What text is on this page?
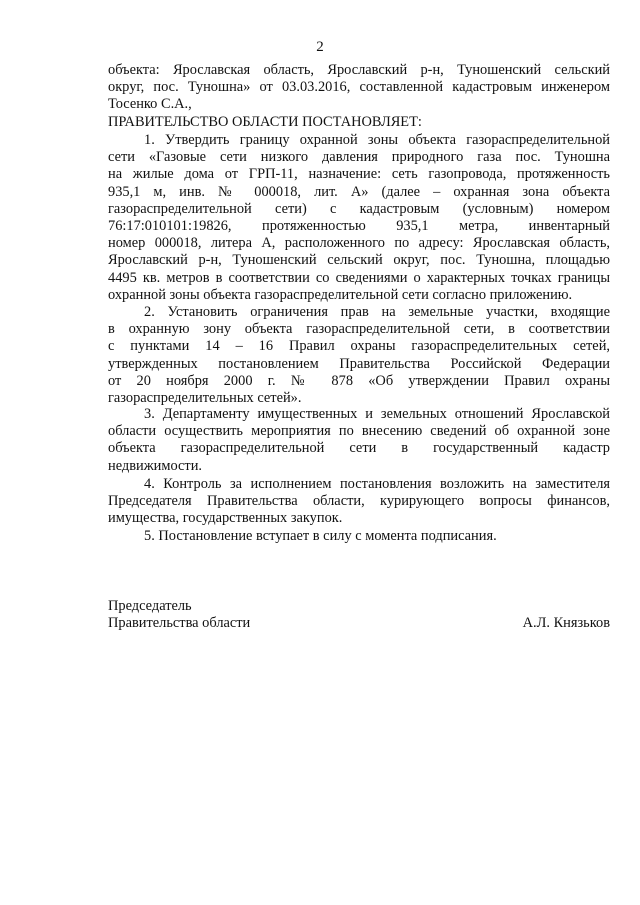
2
объекта: Ярославская область, Ярославский р-н, Туношенский сельский
округ, пос. Туношна» от 03.03.2016, составленной кадастровым инженером
Тосенко С.А.,
ПРАВИТЕЛЬСТВО ОБЛАСТИ ПОСТАНОВЛЯЕТ:
1. Утвердить границу охранной зоны объекта газораспределительной
сети «Газовые сети низкого давления природного газа пос. Туношна
на жилые дома от ГРП-11, назначение: сеть газопровода, протяженность
935,1 м, инв. № 000018, лит. А» (далее – охранная зона объекта
газораспределительной сети) с кадастровым (условным) номером
76:17:010101:19826, протяженностью 935,1 метра, инвентарный
номер 000018, литера А, расположенного по адресу: Ярославская область,
Ярославский р-н, Туношенский сельский округ, пос. Туношна, площадью
4495 кв. метров в соответствии со сведениями о характерных точках границы
охранной зоны объекта газораспределительной сети согласно приложению.
2. Установить ограничения прав на земельные участки, входящие
в охранную зону объекта газораспределительной сети, в соответствии
с пунктами 14 – 16 Правил охраны газораспределительных сетей,
утвержденных постановлением Правительства Российской Федерации
от 20 ноября 2000 г. № 878 «Об утверждении Правил охраны
газораспределительных сетей».
3. Департаменту имущественных и земельных отношений Ярославской
области осуществить мероприятия по внесению сведений об охранной зоне
объекта газораспределительной сети в государственный кадастр
недвижимости.
4. Контроль за исполнением постановления возложить на заместителя
Председателя Правительства области, курирующего вопросы финансов,
имущества, государственных закупок.
5. Постановление вступает в силу с момента подписания.
Председатель
Правительства области	А.Л. Князьков
